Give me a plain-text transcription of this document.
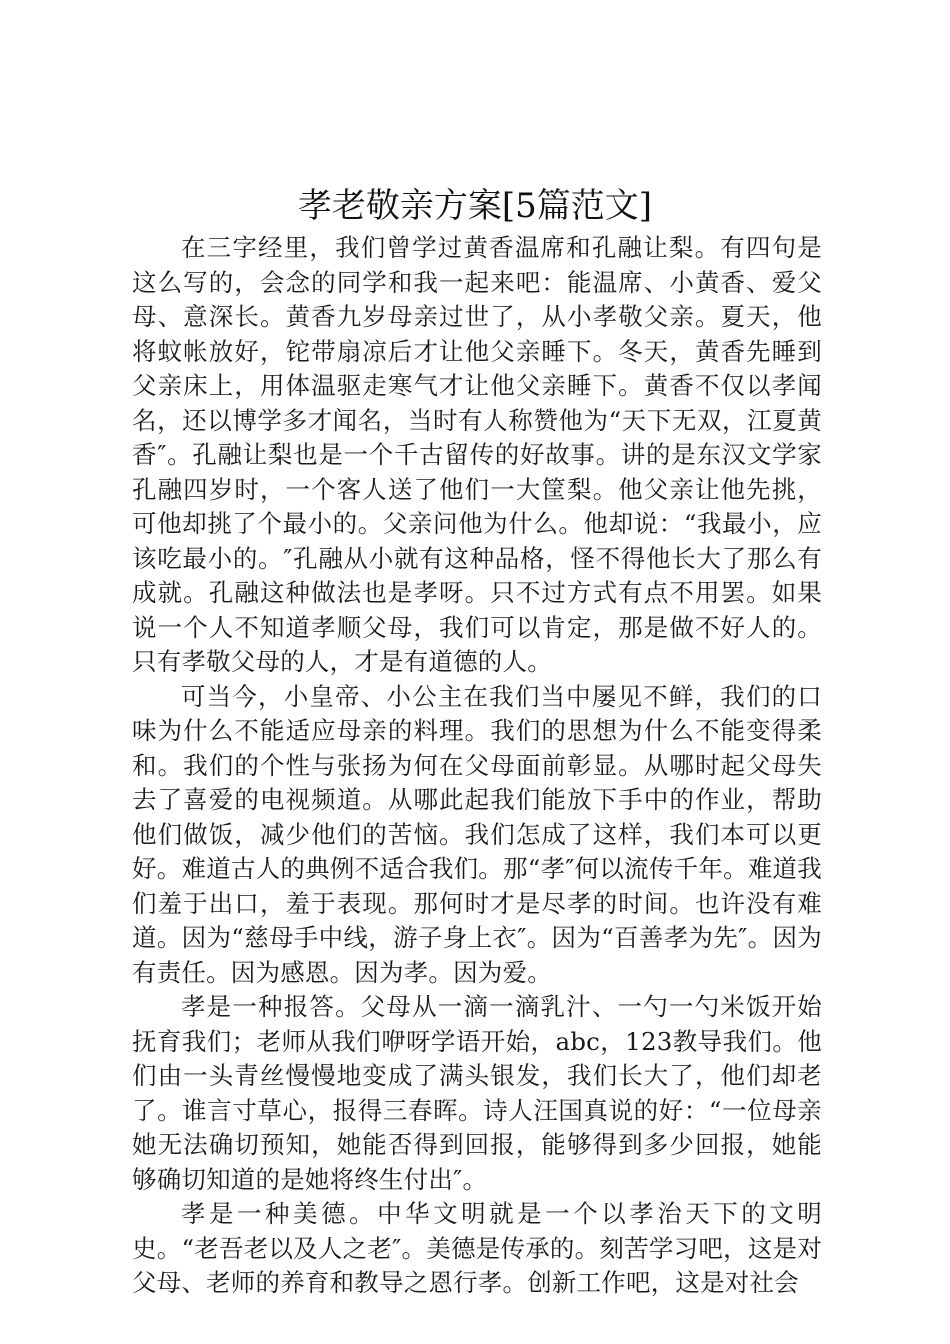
孝老敬亲方案[5篇范文]

在三字经里，我们曾学过黄香温席和孔融让梨。有四句是这么写的，会念的同学和我一起来吧：能温席、小黄香、爱父母、意深长。黄香九岁母亲过世了，从小孝敬父亲。夏天，他将蚊帐放好，铊带扇凉后才让他父亲睡下。冬天，黄香先睡到父亲床上，用体温驱走寒气才让他父亲睡下。黄香不仅以孝闻名，还以博学多才闻名，当时有人称赞他为“天下无双，江夏黄香″。孔融让梨也是一个千古留传的好故事。讲的是东汉文学家孔融四岁时，一个客人送了他们一大筐梨。他父亲让他先挑，可他却挑了个最小的。父亲问他为什么。他却说：“我最小，应该吃最小的。″孔融从小就有这种品格，怪不得他长大了那么有成就。孔融这种做法也是孝呀。只不过方式有点不用罢。如果说一个人不知道孝顺父母，我们可以肯定，那是做不好人的。只有孝敬父母的人，才是有道德的人。

可当今，小皇帝、小公主在我们当中屡见不鲜，我们的口味为什么不能适应母亲的料理。我们的思想为什么不能变得柔和。我们的个性与张扬为何在父母面前彰显。从哪时起父母失去了喜爱的电视频道。从哪此起我们能放下手中的作业，帮助他们做饭，减少他们的苦恼。我们怎成了这样，我们本可以更好。难道古人的典例不适合我们。那“孝″何以流传千年。难道我们羞于出口，羞于表现。那何时才是尽孝的时间。也许没有难道。因为“慈母手中线，游子身上衣″。因为“百善孝为先″。因为有责任。因为感恩。因为孝。因为爱。

孝是一种报答。父母从一滴一滴乳汁、一勺一勺米饭开始抚育我们；老师从我们咿呀学语开始，abc，123教导我们。他们由一头青丝慢慢地变成了满头银发，我们长大了，他们却老了。谁言寸草心，报得三春晖。诗人汪国真说的好：“一位母亲她无法确切预知，她能否得到回报，能够得到多少回报，她能够确切知道的是她将终生付出″。

孝是一种美德。中华文明就是一个以孝治天下的文明史。“老吾老以及人之老″。美德是传承的。刻苦学习吧，这是对父母、老师的养育和教导之恩行孝。创新工作吧，这是对社会
